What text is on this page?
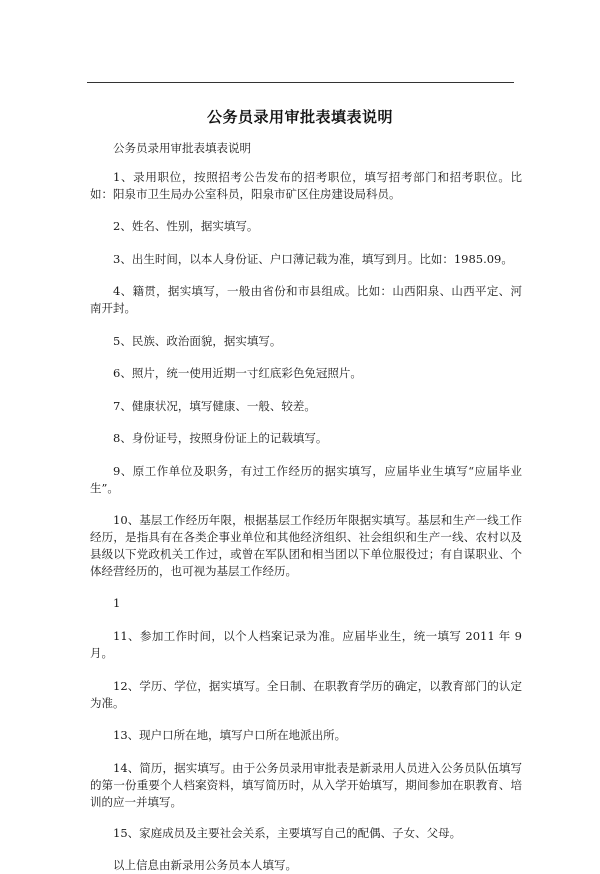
公务员录用审批表填表说明

公务员录用审批表填表说明

1、录用职位，按照招考公告发布的招考职位，填写招考部门和招考职位。比如：阳泉市卫生局办公室科员，阳泉市矿区住房建设局科员。

2、姓名、性别，据实填写。

3、出生时间，以本人身份证、户口薄记载为准，填写到月。比如：1985.09。

4、籍贯，据实填写，一般由省份和市县组成。比如：山西阳泉、山西平定、河南开封。

5、民族、政治面貌，据实填写。

6、照片，统一使用近期一寸红底彩色免冠照片。

7、健康状况，填写健康、一般、较差。

8、身份证号，按照身份证上的记载填写。

9、原工作单位及职务，有过工作经历的据实填写，应届毕业生填写“应届毕业生”。

10、基层工作经历年限，根据基层工作经历年限据实填写。基层和生产一线工作经历，是指具有在各类企事业单位和其他经济组织、社会组织和生产一线、农村以及县级以下党政机关工作过，或曾在军队团和相当团以下单位服役过；有自谋职业、个体经营经历的，也可视为基层工作经历。

1

11、参加工作时间，以个人档案记录为准。应届毕业生，统一填写 2011 年 9 月。

12、学历、学位，据实填写。全日制、在职教育学历的确定，以教育部门的认定为准。

13、现户口所在地，填写户口所在地派出所。

14、简历，据实填写。由于公务员录用审批表是新录用人员进入公务员队伍填写的第一份重要个人档案资料，填写简历时，从入学开始填写，期间参加在职教育、培训的应一并填写。

15、家庭成员及主要社会关系，主要填写自己的配偶、子女、父母。

以上信息由新录用公务员本人填写。
